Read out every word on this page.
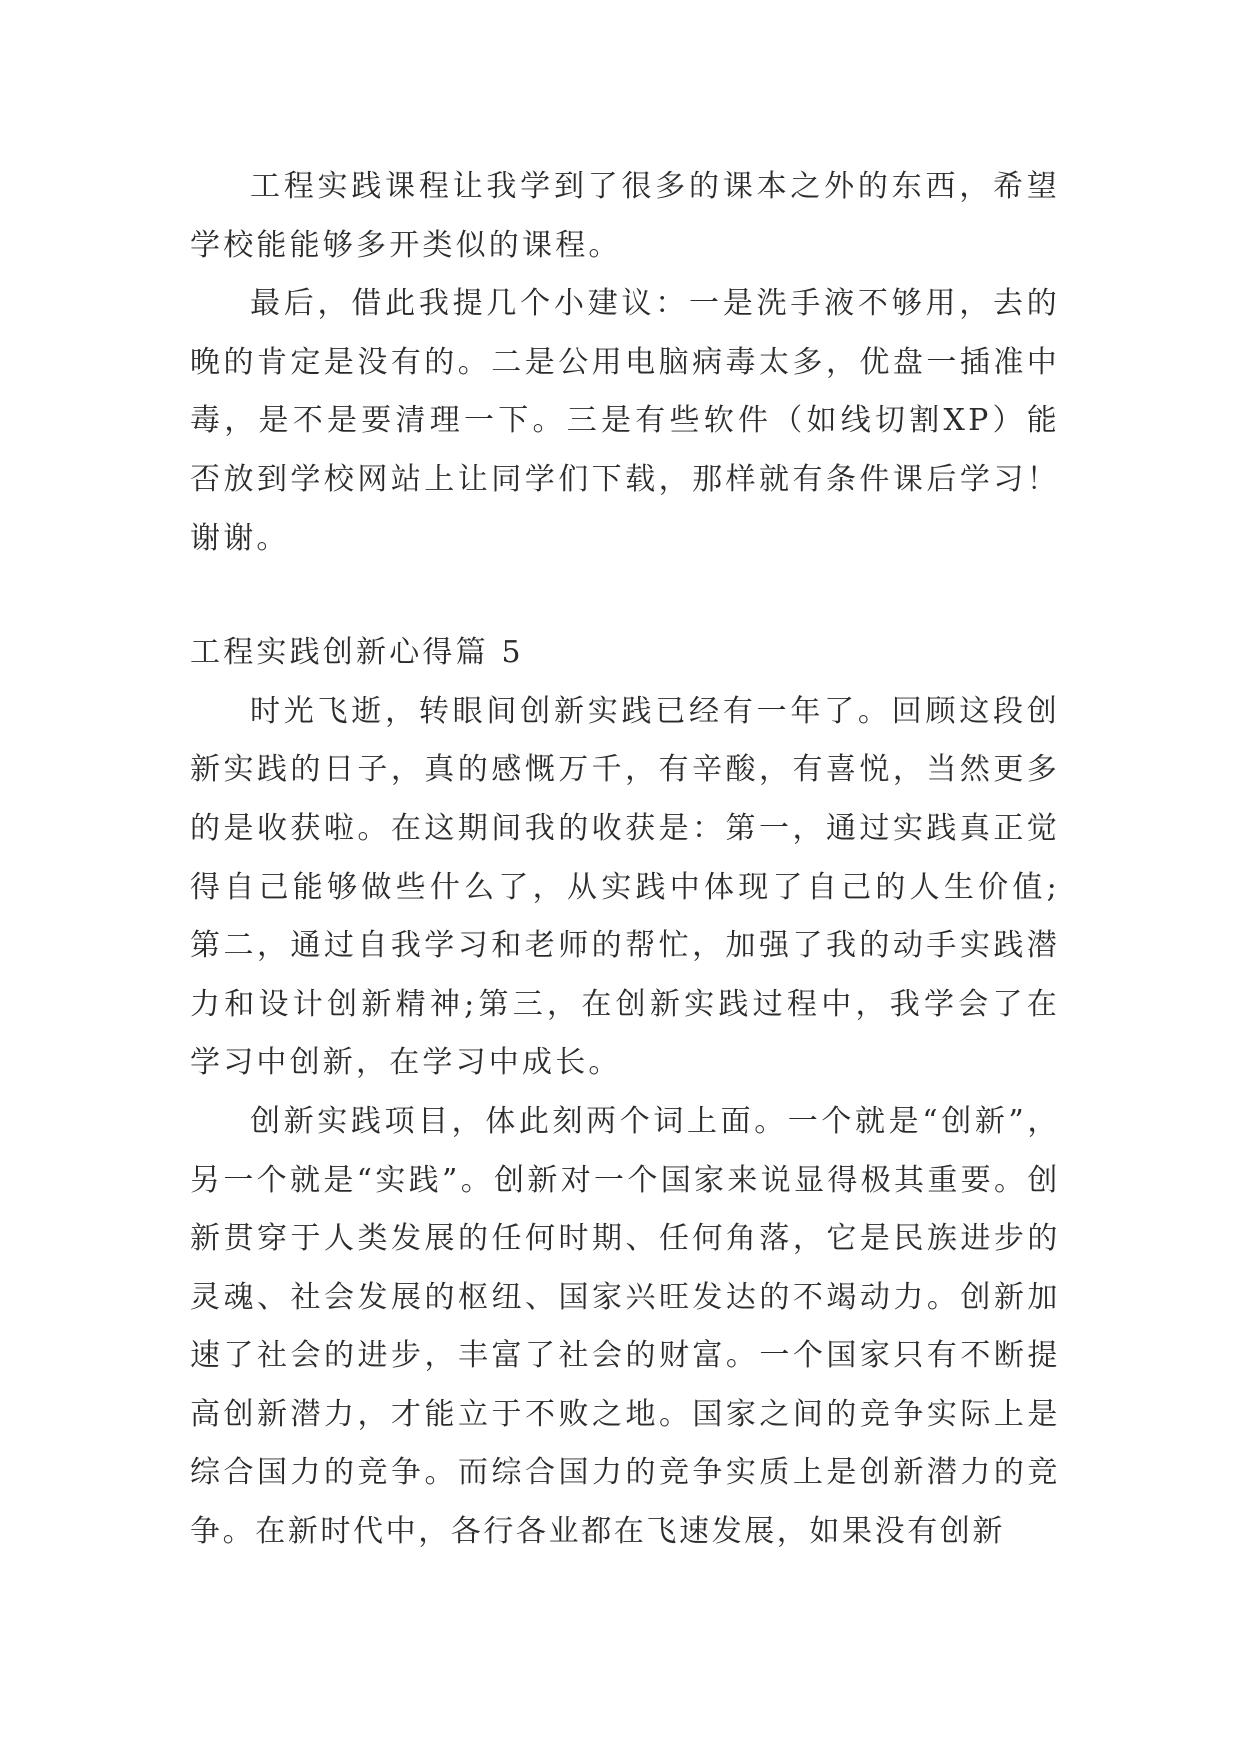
工程实践课程让我学到了很多的课本之外的东西，希望学校能能够多开类似的课程。

最后，借此我提几个小建议：一是洗手液不够用，去的晚的肯定是没有的。二是公用电脑病毒太多，优盘一插准中毒，是不是要清理一下。三是有些软件（如线切割XP）能否放到学校网站上让同学们下载，那样就有条件课后学习！谢谢。

工程实践创新心得篇 5

时光飞逝，转眼间创新实践已经有一年了。回顾这段创新实践的日子，真的感慨万千，有辛酸，有喜悦，当然更多的是收获啦。在这期间我的收获是：第一，通过实践真正觉得自己能够做些什么了，从实践中体现了自己的人生价值;第二，通过自我学习和老师的帮忙，加强了我的动手实践潜力和设计创新精神;第三，在创新实践过程中，我学会了在学习中创新，在学习中成长。

创新实践项目，体此刻两个词上面。一个就是“创新”，另一个就是“实践”。创新对一个国家来说显得极其重要。创新贯穿于人类发展的任何时期、任何角落，它是民族进步的灵魂、社会发展的枢纽、国家兴旺发达的不竭动力。创新加速了社会的进步，丰富了社会的财富。一个国家只有不断提高创新潜力，才能立于不败之地。国家之间的竞争实际上是综合国力的竞争。而综合国力的竞争实质上是创新潜力的竞争。在新时代中，各行各业都在飞速发展，如果没有创新
